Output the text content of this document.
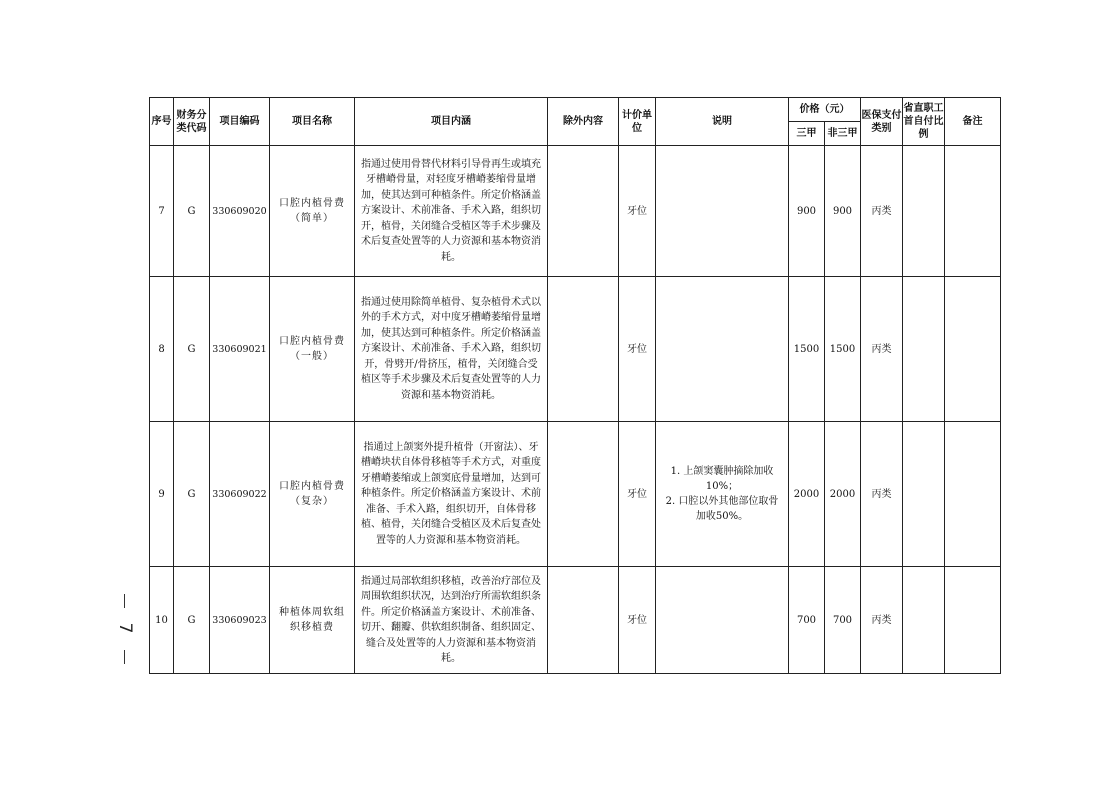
序号	财务分类代码	项目编码	项目名称	项目内涵	除外内容	计价单位	说明	价格（元）		医保支付类别	省直职工首自付比例	备注
								三甲	非三甲			
7	G	330609020	口腔内植骨费（简单）	指通过使用骨替代材料引导骨再生或填充牙槽嵴骨量，对轻度牙槽嵴萎缩骨量增加，使其达到可种植条件。所定价格涵盖方案设计、术前准备、手术入路，组织切开，植骨，关闭缝合受植区等手术步骤及术后复查处置等的人力资源和基本物资消耗。		牙位		900	900	丙类		
8	G	330609021	口腔内植骨费（一般）	指通过使用除简单植骨、复杂植骨术式以外的手术方式，对中度牙槽嵴萎缩骨量增加，使其达到可种植条件。所定价格涵盖方案设计、术前准备、手术入路，组织切开，骨劈开/骨挤压，植骨，关闭缝合受植区等手术步骤及术后复查处置等的人力资源和基本物资消耗。		牙位		1500	1500	丙类		
9	G	330609022	口腔内植骨费（复杂）	指通过上颌窦外提升植骨（开窗法）、牙槽嵴块状自体骨移植等手术方式，对重度牙槽嵴萎缩或上颌窦底骨量增加，达到可种植条件。所定价格涵盖方案设计、术前准备、手术入路，组织切开，自体骨移植、植骨，关闭缝合受植区及术后复查处置等的人力资源和基本物资消耗。		牙位	1. 上颌窦囊肿摘除加收10%；
2. 口腔以外其他部位取骨加收50%。	2000	2000	丙类		
10	G	330609023	种植体周软组织移植费	指通过局部软组织移植，改善治疗部位及周围软组织状况，达到治疗所需软组织条件。所定价格涵盖方案设计、术前准备、切开、翻瓣、供软组织制备、组织固定、缝合及处置等的人力资源和基本物资消耗。		牙位		700	700	丙类		
7
